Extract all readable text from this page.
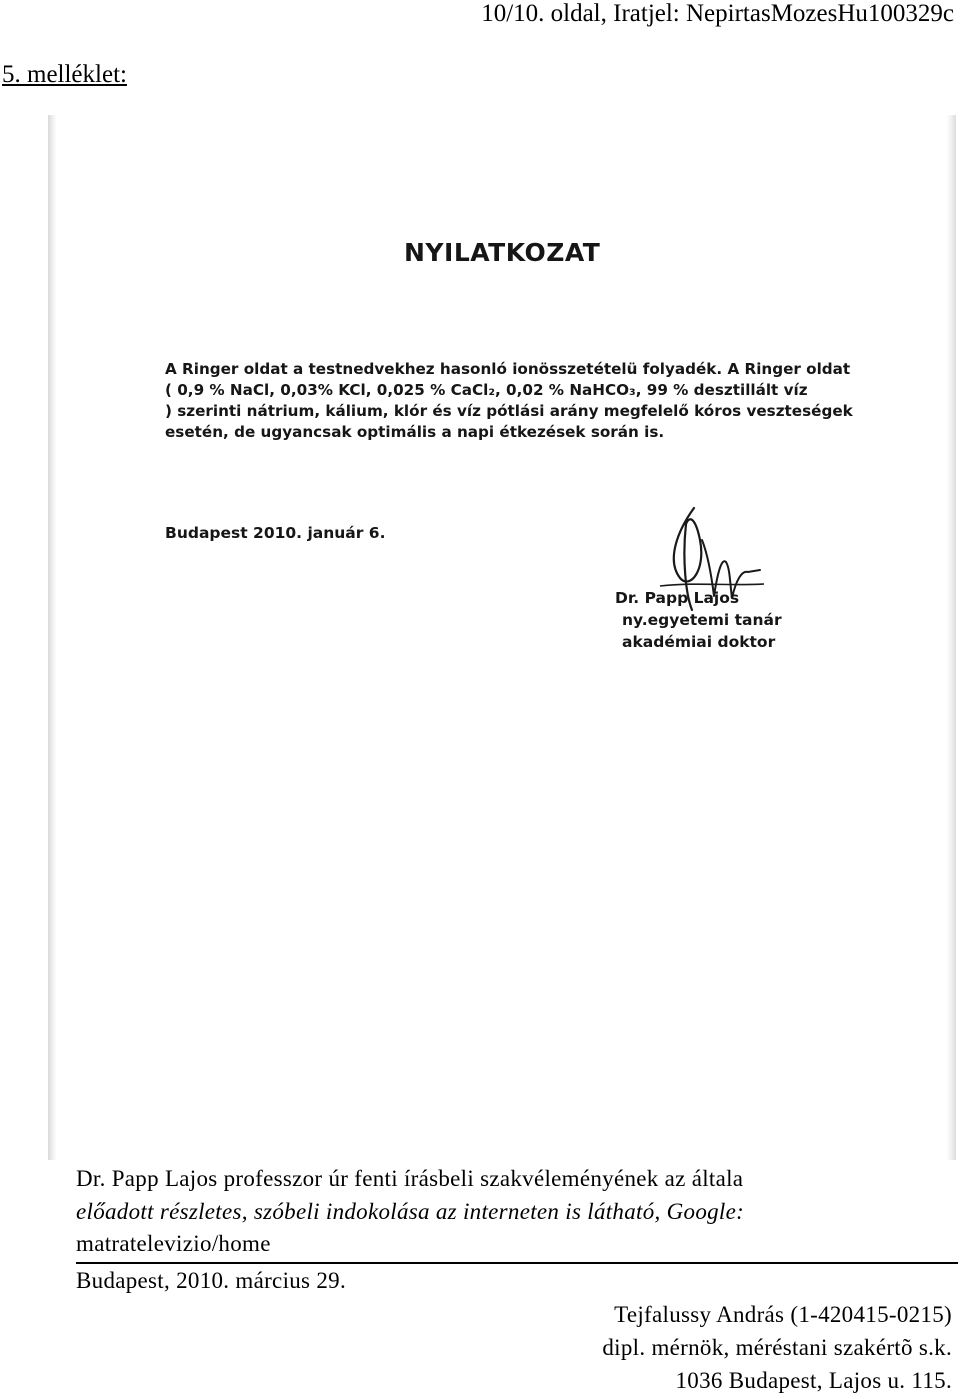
10/10. oldal, Iratjel: NepirtasMozesHu100329c
5. melléklet:
NYILATKOZAT
A Ringer oldat a testnedvekhez hasonló ionösszetételü folyadék. A Ringer oldat
( 0,9 % NaCl, 0,03% KCl, 0,025 % CaCl₂, 0,02 % NaHCO₃, 99 % desztillált víz
) szerinti nátrium, kálium, klór és víz pótlási arány megfelelő kóros veszteségek
esetén, de ugyancsak optimális a napi étkezések során is.
Budapest 2010. január 6.
Dr. Papp Lajos
ny.egyetemi tanár
akadémiai doktor
Dr. Papp Lajos professzor úr fenti írásbeli szakvéleményének az általa
előadott részletes, szóbeli indokolása az interneten is látható, Google:
matratelevizio/home
Budapest, 2010. március 29.
Tejfalussy András (1-420415-0215)
dipl. mérnök, méréstani szakértõ s.k.
1036 Budapest, Lajos u. 115.
